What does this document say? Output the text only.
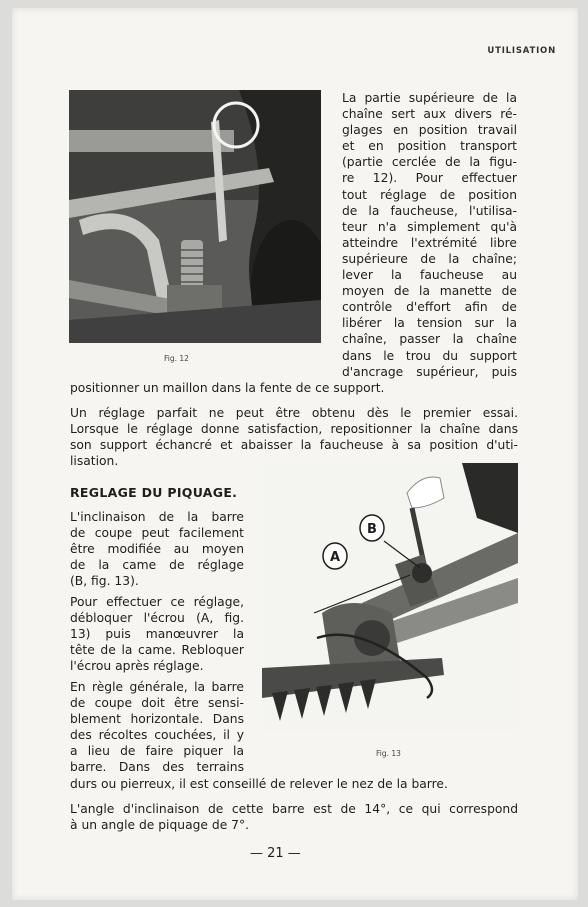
UTILISATION
Fig. 12
La partie supérieure de la
chaîne sert aux divers ré-
glages en position travail
et en position transport
(partie cerclée de la figu-
re 12). Pour effectuer
tout réglage de position
de la faucheuse, l'utilisa-
teur n'a simplement qu'à
atteindre l'extrémité libre
supérieure de la chaîne;
lever la faucheuse au
moyen de la manette de
contrôle d'effort afin de
libérer la tension sur la
chaîne, passer la chaîne
dans le trou du support
d'ancrage supérieur, puis
positionner un maillon dans la fente de ce support.
Un réglage parfait ne peut être obtenu dès le premier essai.
Lorsque le réglage donne satisfaction, repositionner la chaîne dans
son support échancré et abaisser la faucheuse à sa position d'uti-
lisation.
REGLAGE DU PIQUAGE.
L'inclinaison de la barre
de coupe peut facilement
être modifiée au moyen
de la came de réglage
(B, fig. 13).
Pour effectuer ce réglage,
débloquer l'écrou (A, fig.
13) puis manœuvrer la
tête de la came. Rebloquer
l'écrou après réglage.
En règle générale, la barre
de coupe doit être sensi-
blement horizontale. Dans
des récoltes couchées, il y
a lieu de faire piquer la
barre. Dans des terrains
durs ou pierreux, il est conseillé de relever le nez de la barre.
A
B
Fig. 13
L'angle d'inclinaison de cette barre est de 14°, ce qui correspond
à un angle de piquage de 7°.
— 21 —
